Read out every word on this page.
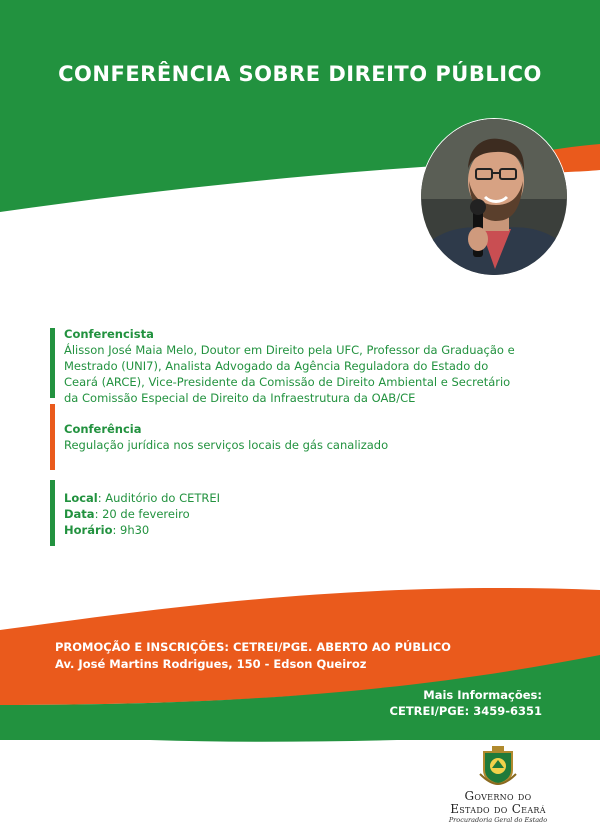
CONFERÊNCIA SOBRE DIREITO PÚBLICO
Conferencista
Álisson José Maia Melo, Doutor em Direito pela UFC, Professor da Graduação e Mestrado (UNI7), Analista Advogado da Agência Reguladora do Estado do Ceará (ARCE), Vice-Presidente da Comissão de Direito Ambiental e Secretário da Comissão Especial de Direito da Infraestrutura da OAB/CE
Conferência
Regulação jurídica nos serviços locais de gás canalizado
Local: Auditório do CETREI
Data: 20 de fevereiro
Horário: 9h30
PROMOÇÃO E INSCRIÇÕES: CETREI/PGE. ABERTO AO PÚBLICO
Av. José Martins Rodrigues, 150 - Edson Queiroz
Mais Informações:
CETREI/PGE: 3459-6351
Governo do
Estado do Ceará
Procuradoria Geral do Estado
